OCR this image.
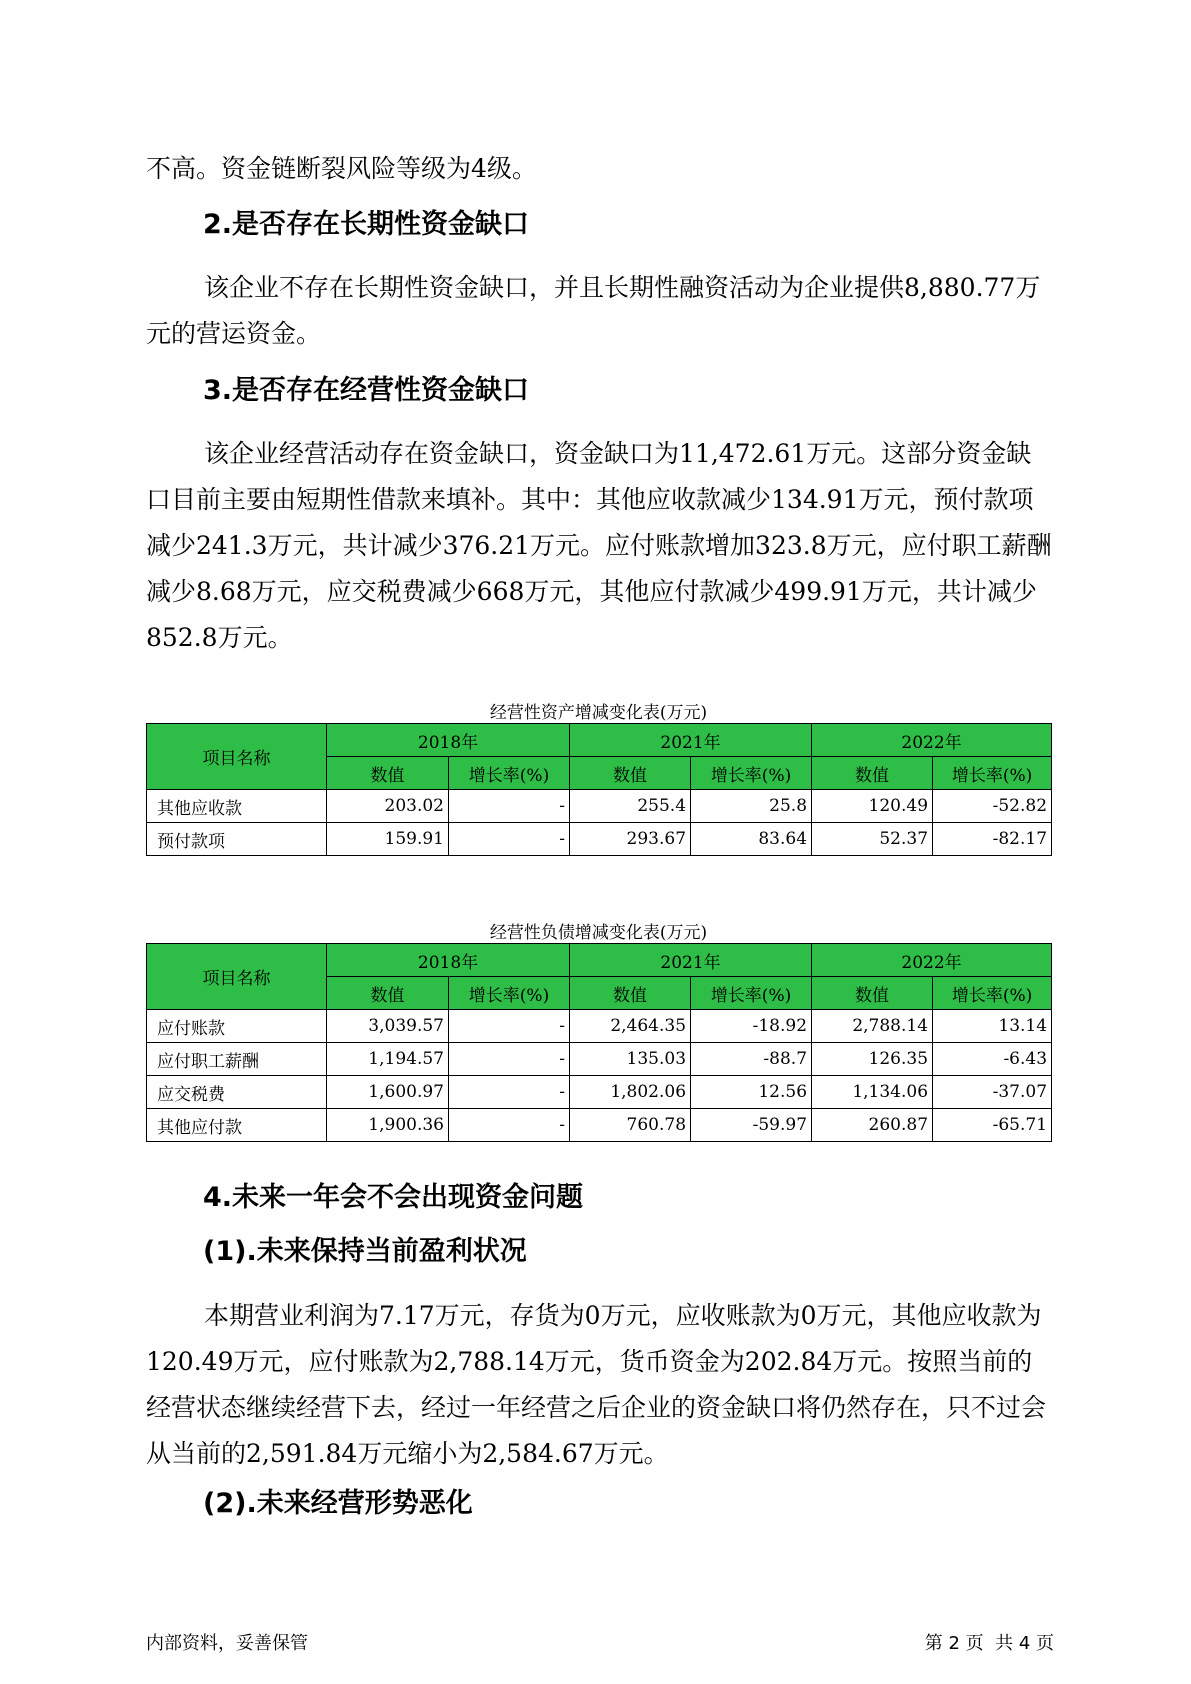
不高。资金链断裂风险等级为4级。

2.是否存在长期性资金缺口

该企业不存在长期性资金缺口，并且长期性融资活动为企业提供8,880.77万元的营运资金。

3.是否存在经营性资金缺口

该企业经营活动存在资金缺口，资金缺口为11,472.61万元。这部分资金缺口目前主要由短期性借款来填补。其中：其他应收款减少134.91万元，预付款项减少241.3万元，共计减少376.21万元。应付账款增加323.8万元，应付职工薪酬减少8.68万元，应交税费减少668万元，其他应付款减少499.91万元，共计减少852.8万元。

经营性资产增减变化表(万元)

项目名称	2018年		2021年		2022年	
	数值	增长率(%)	数值	增长率(%)	数值	增长率(%)
其他应收款	203.02	-	255.4	25.8	120.49	-52.82
预付款项	159.91	-	293.67	83.64	52.37	-82.17

经营性负债增减变化表(万元)

项目名称	2018年		2021年		2022年	
	数值	增长率(%)	数值	增长率(%)	数值	增长率(%)
应付账款	3,039.57	-	2,464.35	-18.92	2,788.14	13.14
应付职工薪酬	1,194.57	-	135.03	-88.7	126.35	-6.43
应交税费	1,600.97	-	1,802.06	12.56	1,134.06	-37.07
其他应付款	1,900.36	-	760.78	-59.97	260.87	-65.71
4.未来一年会不会出现资金问题
(1).未来保持当前盈利状况

本期营业利润为7.17万元，存货为0万元，应收账款为0万元，其他应收款为120.49万元，应付账款为2,788.14万元，货币资金为202.84万元。按照当前的经营状态继续经营下去，经过一年经营之后企业的资金缺口将仍然存在，只不过会从当前的2,591.84万元缩小为2,584.67万元。

(2).未来经营形势恶化

内部资料，妥善保管	第 2 页  共 4 页
